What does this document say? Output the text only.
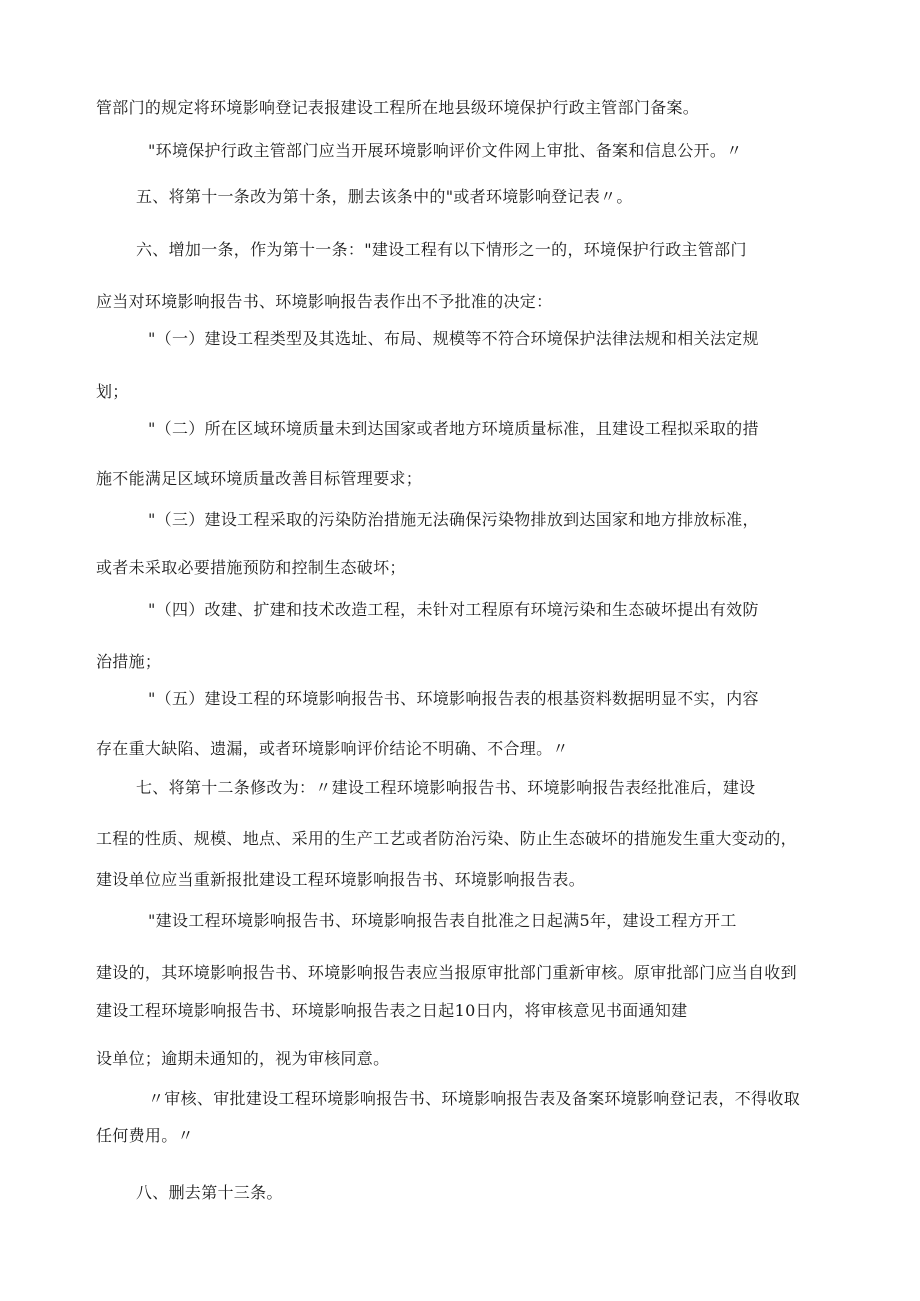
管部门的规定将环境影响登记表报建设工程所在地县级环境保护行政主管部门备案。
"环境保护行政主管部门应当开展环境影响评价文件网上审批、备案和信息公开。〃
五、将第十一条改为第十条，删去该条中的"或者环境影响登记表〃。
六、增加一条，作为第十一条："建设工程有以下情形之一的，环境保护行政主管部门
应当对环境影响报告书、环境影响报告表作出不予批准的决定：
"（一）建设工程类型及其选址、布局、规模等不符合环境保护法律法规和相关法定规
划；
"（二）所在区域环境质量未到达国家或者地方环境质量标准，且建设工程拟采取的措
施不能满足区域环境质量改善目标管理要求；
"（三）建设工程采取的污染防治措施无法确保污染物排放到达国家和地方排放标准，
或者未采取必要措施预防和控制生态破坏；
"（四）改建、扩建和技术改造工程，未针对工程原有环境污染和生态破坏提出有效防
治措施；
"（五）建设工程的环境影响报告书、环境影响报告表的根基资料数据明显不实，内容
存在重大缺陷、遗漏，或者环境影响评价结论不明确、不合理。〃
七、将第十二条修改为：〃建设工程环境影响报告书、环境影响报告表经批准后，建设
工程的性质、规模、地点、采用的生产工艺或者防治污染、防止生态破坏的措施发生重大变动的，
建设单位应当重新报批建设工程环境影响报告书、环境影响报告表。
"建设工程环境影响报告书、环境影响报告表自批准之日起满5年，建设工程方开工
建设的，其环境影响报告书、环境影响报告表应当报原审批部门重新审核。原审批部门应当自收到
建设工程环境影响报告书、环境影响报告表之日起10日内，将审核意见书面通知建
设单位；逾期未通知的，视为审核同意。
〃审核、审批建设工程环境影响报告书、环境影响报告表及备案环境影响登记表，不得收取
任何费用。〃
八、删去第十三条。
